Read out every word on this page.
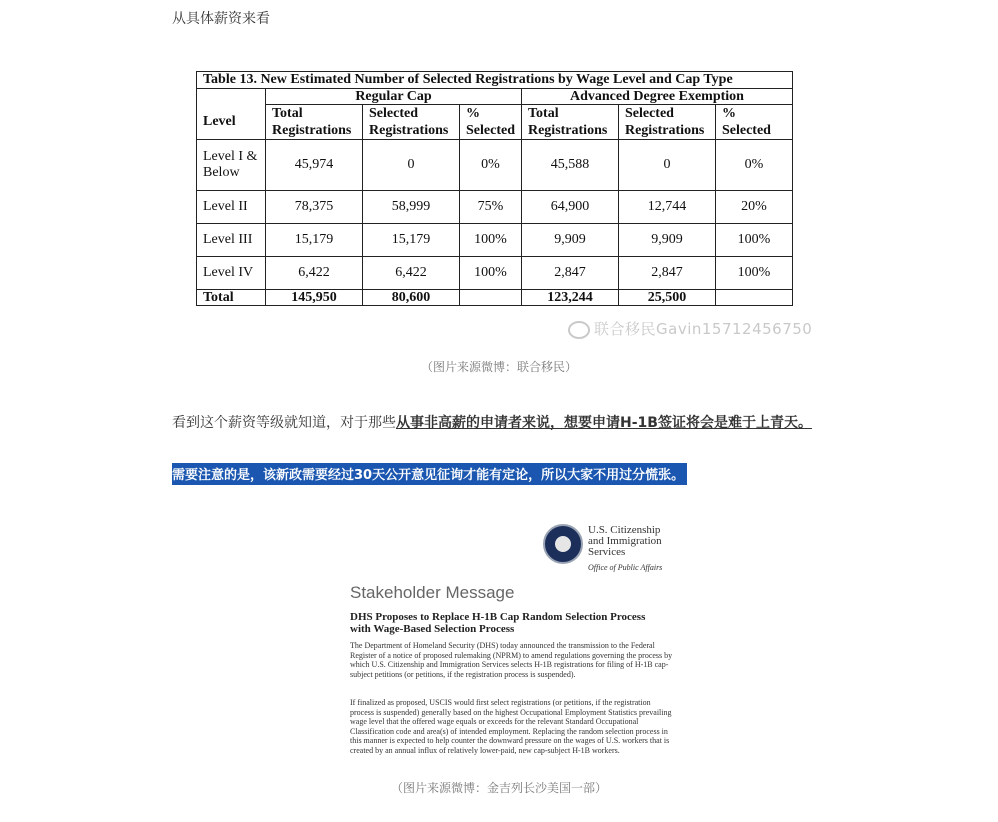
从具体薪资来看
Table 13. New Estimated Number of Selected Registrations by Wage Level and Cap Type						
	Regular Cap			Advanced Degree Exemption		
Level	Total Registrations	Selected Registrations	% Selected	Total Registrations	Selected Registrations	% Selected
Level I & Below	45,974	0	0%	45,588	0	0%
Level II	78,375	58,999	75%	64,900	12,744	20%
Level III	15,179	15,179	100%	9,909	9,909	100%
Level IV	6,422	6,422	100%	2,847	2,847	100%
Total	145,950	80,600		123,244	25,500	
联合移民Gavin15712456750
（图片来源微博：联合移民）
看到这个薪资等级就知道，对于那些从事非高薪的申请者来说，想要申请H-1B签证将会是难于上青天。
需要注意的是，该新政需要经过30天公开意见征询才能有定论，所以大家不用过分慌张。
U.S. Citizenship
and Immigration
Services
Office of Public Affairs
Stakeholder Message
DHS Proposes to Replace H-1B Cap Random Selection Process with Wage-Based Selection Process
The Department of Homeland Security (DHS) today announced the transmission to the Federal Register of a notice of proposed rulemaking (NPRM) to amend regulations governing the process by which U.S. Citizenship and Immigration Services selects H-1B registrations for filing of H-1B cap-subject petitions (or petitions, if the registration process is suspended).
If finalized as proposed, USCIS would first select registrations (or petitions, if the registration process is suspended) generally based on the highest Occupational Employment Statistics prevailing wage level that the offered wage equals or exceeds for the relevant Standard Occupational Classification code and area(s) of intended employment. Replacing the random selection process in this manner is expected to help counter the downward pressure on the wages of U.S. workers that is created by an annual influx of relatively lower-paid, new cap-subject H-1B workers.
（图片来源微博：金吉列长沙美国一部）
